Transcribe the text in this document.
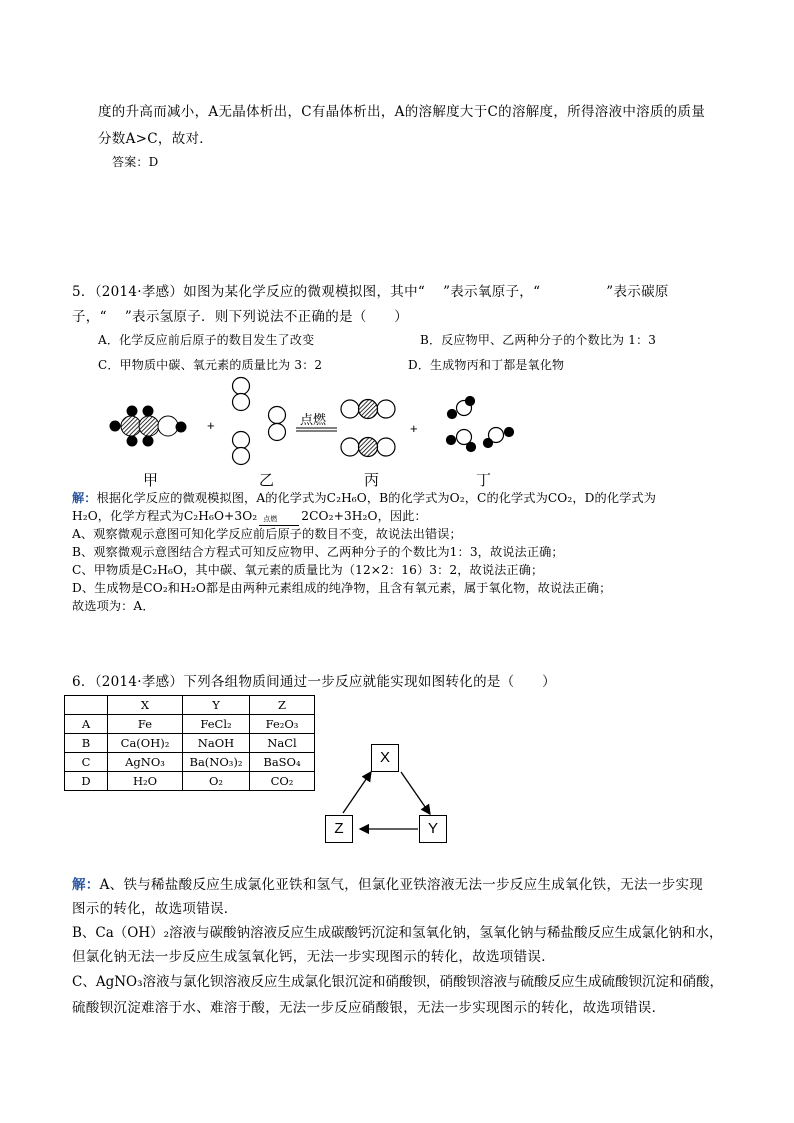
度的升高而减小，A无晶体析出，C有晶体析出，A的溶解度大于C的溶解度，所得溶液中溶质的质量
分数A>C，故对．
答案：D
5．（2014·孝感）如图为某化学反应的微观模拟图，其中“ ”表示氧原子，“	”表示碳原
子，“ ”表示氢原子．则下列说法不正确的是（　　）
A．化学反应前后原子的数目发生了改变	B．反应物甲、乙两种分子的个数比为 1：3
C．甲物质中碳、氧元素的质量比为 3：2	D．生成物丙和丁都是氧化物
+	+
点燃
甲	乙	丙	丁
解：根据化学反应的微观模拟图，A的化学式为C₂H₆O，B的化学式为O₂，C的化学式为CO₂，D的化学式为
H₂O，化学方程式为C₂H₆O+3O₂ 点燃 2CO₂+3H₂O，因此：
A、观察微观示意图可知化学反应前后原子的数目不变，故说法出错误；
B、观察微观示意图结合方程式可知反应物甲、乙两种分子的个数比为1：3，故说法正确；
C、甲物质是C₂H₆O，其中碳、氧元素的质量比为（12×2：16）3：2，故说法正确；
D、生成物是CO₂和H₂O都是由两种元素组成的纯净物，且含有氧元素，属于氧化物，故说法正确；
故选项为：A．
6．（2014·孝感）下列各组物质间通过一步反应就能实现如图转化的是（　　）
	X	Y	Z
A	Fe	FeCl₂	Fe₂O₃
B	Ca(OH)₂	NaOH	NaCl
C	AgNO₃	Ba(NO₃)₂	BaSO₄
D	H₂O	O₂	CO₂
X
Y
Z
解：A、铁与稀盐酸反应生成氯化亚铁和氢气，但氯化亚铁溶液无法一步反应生成氧化铁，无法一步实现
图示的转化，故选项错误．
B、Ca（OH）₂溶液与碳酸钠溶液反应生成碳酸钙沉淀和氢氧化钠，氢氧化钠与稀盐酸反应生成氯化钠和水，
但氯化钠无法一步反应生成氢氧化钙，无法一步实现图示的转化，故选项错误．
C、AgNO₃溶液与氯化钡溶液反应生成氯化银沉淀和硝酸钡，硝酸钡溶液与硫酸反应生成硫酸钡沉淀和硝酸，
硫酸钡沉淀难溶于水、难溶于酸，无法一步反应硝酸银，无法一步实现图示的转化，故选项错误．
